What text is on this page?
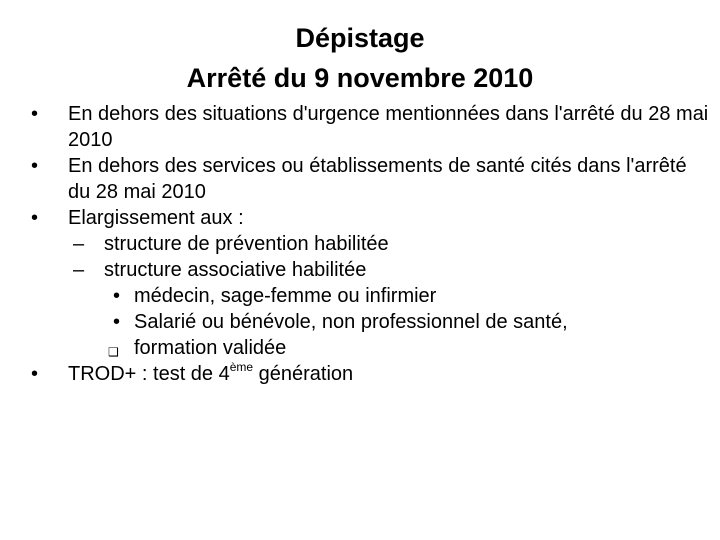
Dépistage
Arrêté du 9 novembre 2010
• En dehors des situations d'urgence mentionnées dans l'arrêté du 28 mai 2010
• En dehors des services ou établissements de santé cités dans l'arrêté du 28 mai 2010
• Elargissement aux :
– structure de prévention habilitée
– structure associative habilitée
• médecin, sage-femme ou infirmier
• Salarié ou bénévole, non professionnel de santé,
❑ formation validée
• TROD+ : test de 4ème génération
